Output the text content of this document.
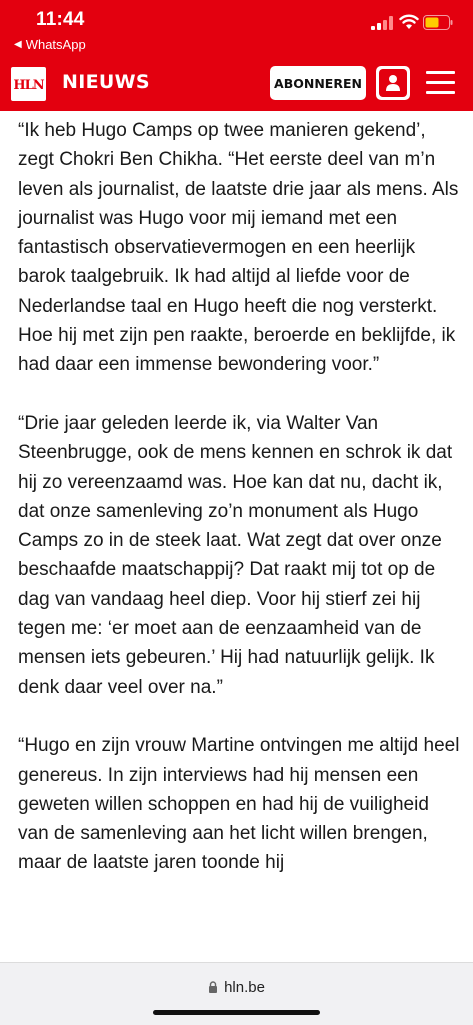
11:44
◀ WhatsApp
HLN NIEUWS	ABONNEREN

“Ik heb Hugo Camps op twee manieren gekend’, zegt Chokri Ben Chikha. “Het eerste deel van m’n leven als journalist, de laatste drie jaar als mens. Als journalist was Hugo voor mij iemand met een fantastisch observatievermogen en een heerlijk barok taalgebruik. Ik had altijd al liefde voor de Nederlandse taal en Hugo heeft die nog versterkt. Hoe hij met zijn pen raakte, beroerde en beklijfde, ik had daar een immense bewondering voor.”

“Drie jaar geleden leerde ik, via Walter Van Steenbrugge, ook de mens kennen en schrok ik dat hij zo vereenzaamd was. Hoe kan dat nu, dacht ik, dat onze samenleving zo’n monument als Hugo Camps zo in de steek laat. Wat zegt dat over onze beschaafde maatschappij? Dat raakt mij tot op de dag van vandaag heel diep. Voor hij stierf zei hij tegen me: ‘er moet aan de eenzaamheid van de mensen iets gebeuren.’ Hij had natuurlijk gelijk. Ik denk daar veel over na.”

“Hugo en zijn vrouw Martine ontvingen me altijd heel genereus. In zijn interviews had hij mensen een geweten willen schoppen en had hij de vuiligheid van de samenleving aan het licht willen brengen, maar de laatste jaren toonde hij

hln.be
